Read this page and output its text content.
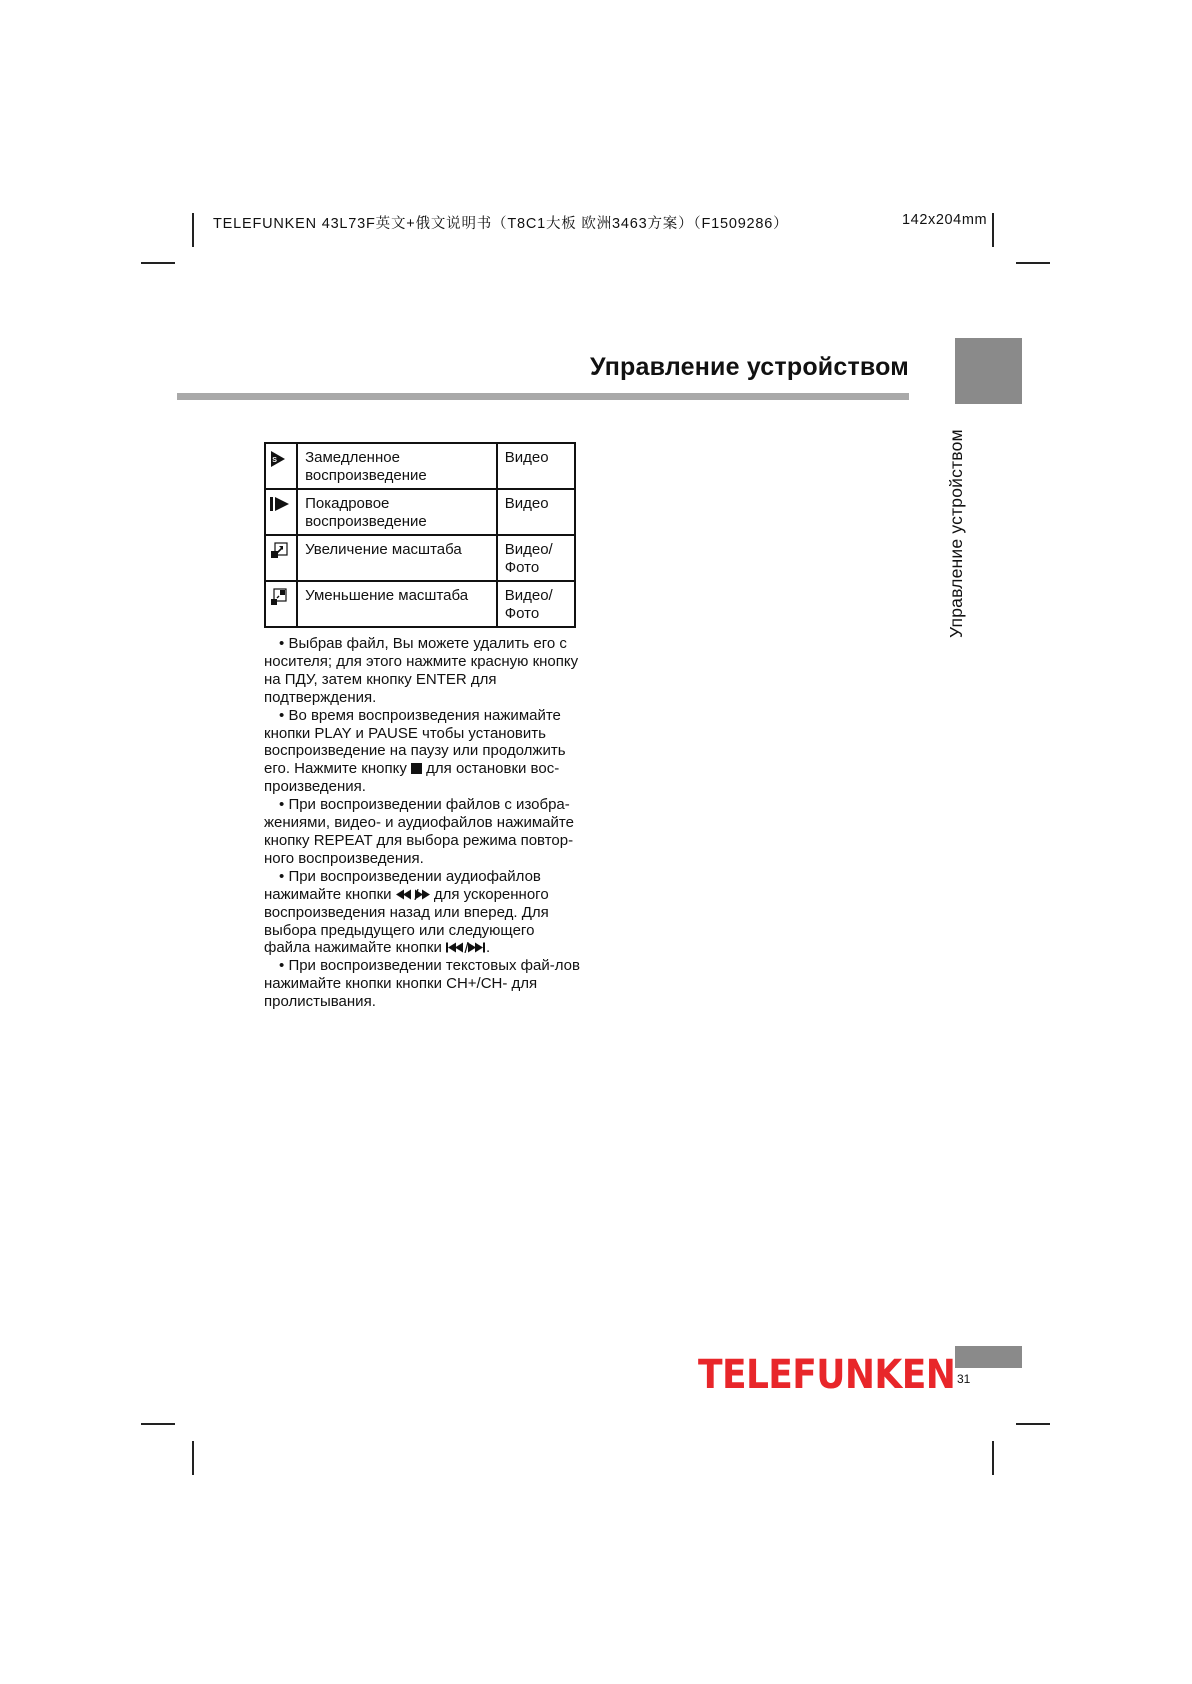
TELEFUNKEN 43L73F英文+俄文说明书（T8C1大板 欧洲3463方案）（F1509286）	142x204mm
Управление устройством
Управление устройством
S	Замедленное воспроизведение	Видео
	Покадровое воспроизведение	Видео
	Увеличение масштаба	Видео/ Фото
	Уменьшение масштаба	Видео/ Фото

• Выбрав файл, Вы можете удалить его с носителя; для этого нажмите красную кнопку на ПДУ, затем кнопку ENTER для подтверждения.

• Во время воспроизведения нажимайте кнопки PLAY и PAUSE чтобы установить воспроизведение на паузу или продолжить его. Нажмите кнопку для остановки вос-произведения.

• При воспроизведении файлов с изобра-жениями, видео- и аудиофайлов нажимайте кнопку REPEAT для выбора режима повтор-ного воспроизведения.

• При воспроизведении аудиофайлов нажимайте кнопки	для ускоренного воспроизведения назад или вперед. Для выбора предыдущего или следующего файла нажимайте кнопки	.

• При воспроизведении текстовых фай-лов нажимайте кнопки кнопки CH+/CH- для пролистывания.

TELEFUNKEN 31
